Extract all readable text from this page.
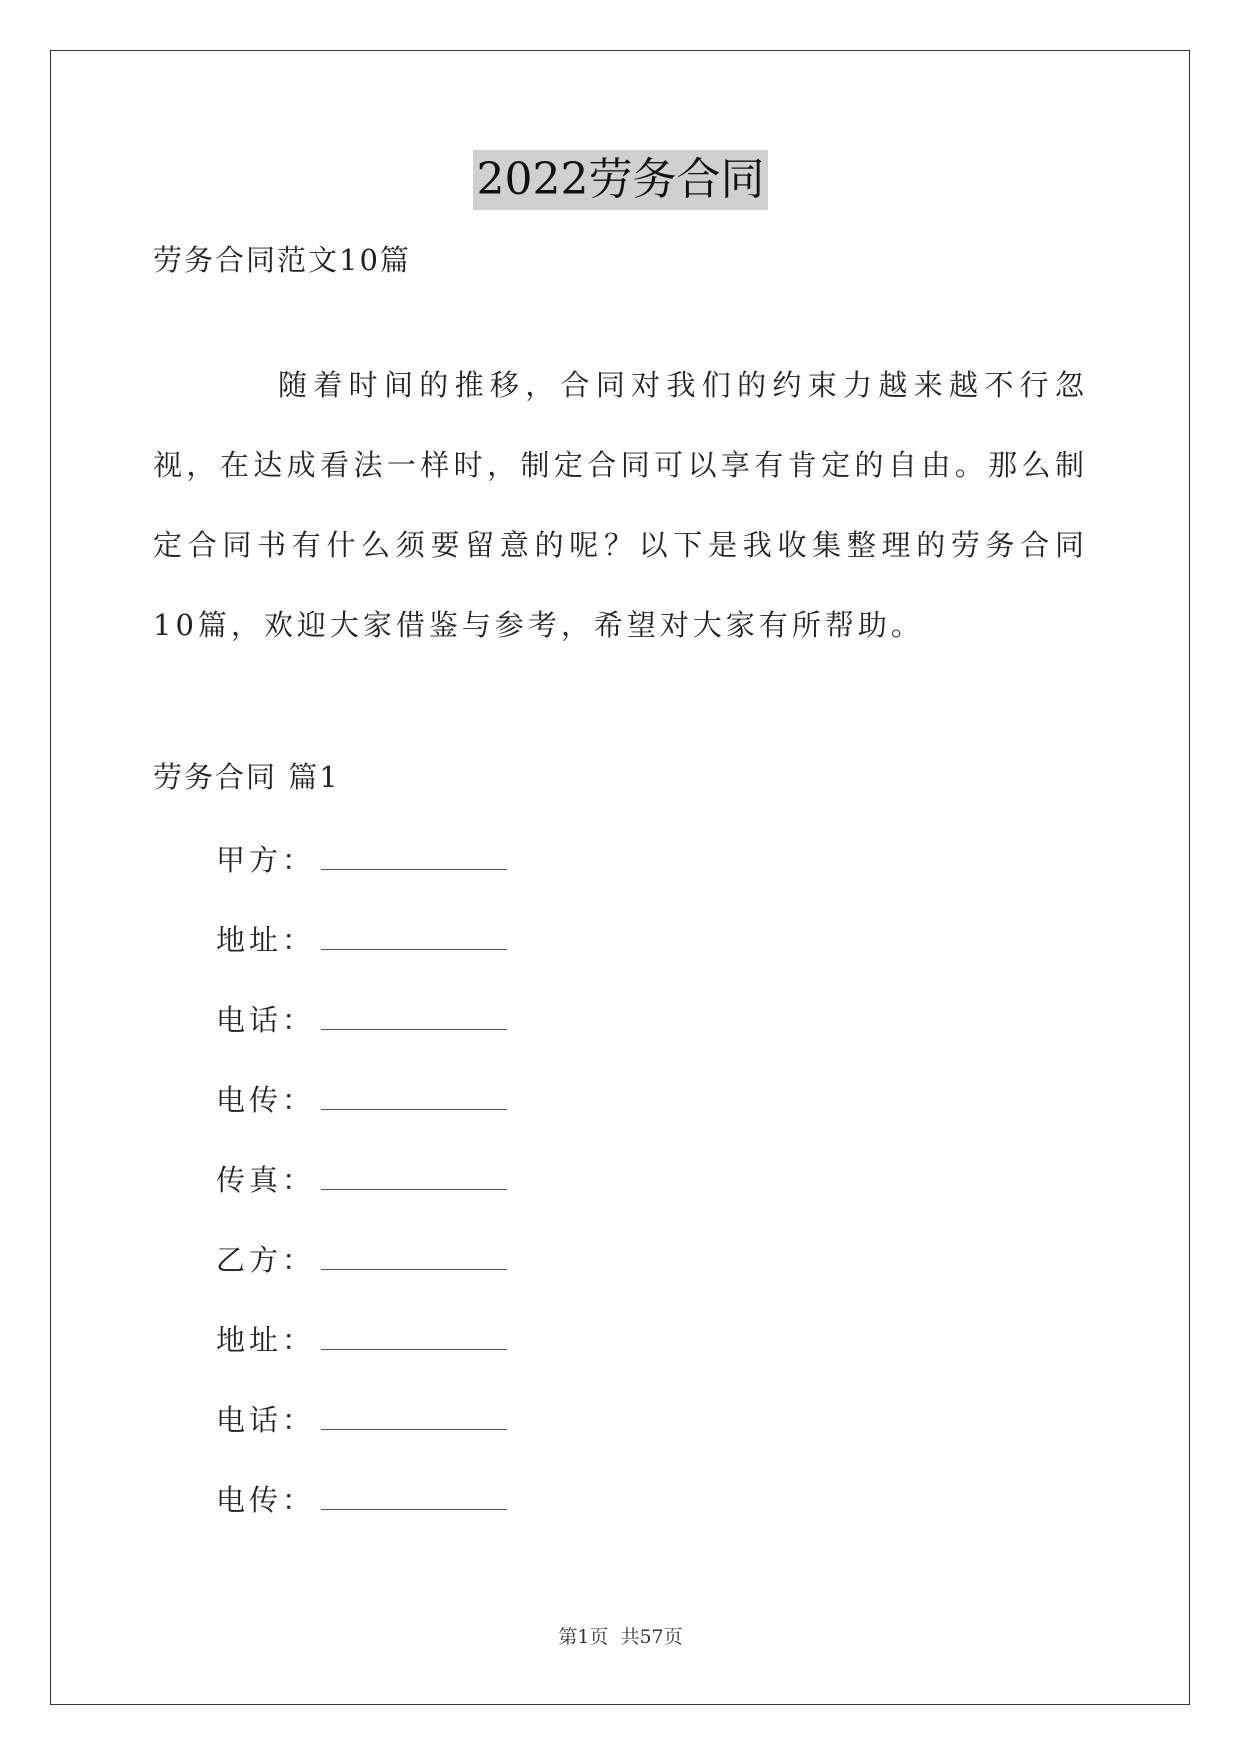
2022劳务合同
劳务合同范文10篇

随着时间的推移，合同对我们的约束力越来越不行忽视，在达成看法一样时，制定合同可以享有肯定的自由。那么制定合同书有什么须要留意的呢？以下是我收集整理的劳务合同10篇，欢迎大家借鉴与参考，希望对大家有所帮助。

劳务合同 篇1
甲方：
地址：
电话：
电传：
传真：
乙方：
地址：
电话：
电传：
第1页 共57页
